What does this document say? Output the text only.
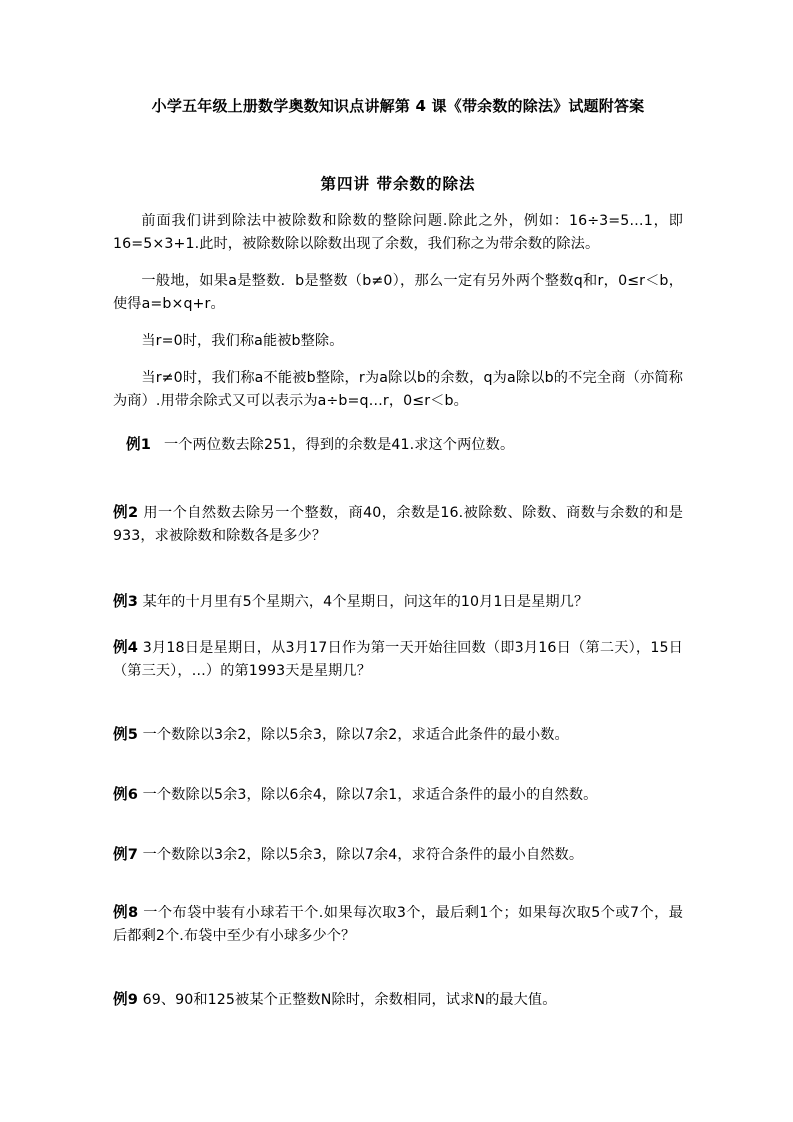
小学五年级上册数学奥数知识点讲解第 4 课《带余数的除法》试题附答案
第四讲 带余数的除法

前面我们讲到除法中被除数和除数的整除问题.除此之外，例如：16÷3=5…1，即16=5×3+1.此时，被除数除以除数出现了余数，我们称之为带余数的除法。

一般地，如果a是整数．b是整数（b≠0），那么一定有另外两个整数q和r，0≤r＜b，使得a=b×q+r。

当r=0时，我们称a能被b整除。

当r≠0时，我们称a不能被b整除，r为a除以b的余数，q为a除以b的不完全商（亦简称为商）.用带余除式又可以表示为a÷b=q…r，0≤r＜b。

例1 一个两位数去除251，得到的余数是41.求这个两位数。

例2 用一个自然数去除另一个整数，商40，余数是16.被除数、除数、商数与余数的和是933，求被除数和除数各是多少？

例3 某年的十月里有5个星期六，4个星期日，问这年的10月1日是星期几？

例4 3月18日是星期日，从3月17日作为第一天开始往回数（即3月16日（第二天），15日（第三天），…）的第1993天是星期几？

例5 一个数除以3余2，除以5余3，除以7余2，求适合此条件的最小数。

例6 一个数除以5余3，除以6余4，除以7余1，求适合条件的最小的自然数。

例7 一个数除以3余2，除以5余3，除以7余4，求符合条件的最小自然数。

例8 一个布袋中装有小球若干个.如果每次取3个，最后剩1个；如果每次取5个或7个，最后都剩2个.布袋中至少有小球多少个？

例9 69、90和125被某个正整数N除时，余数相同，试求N的最大值。
